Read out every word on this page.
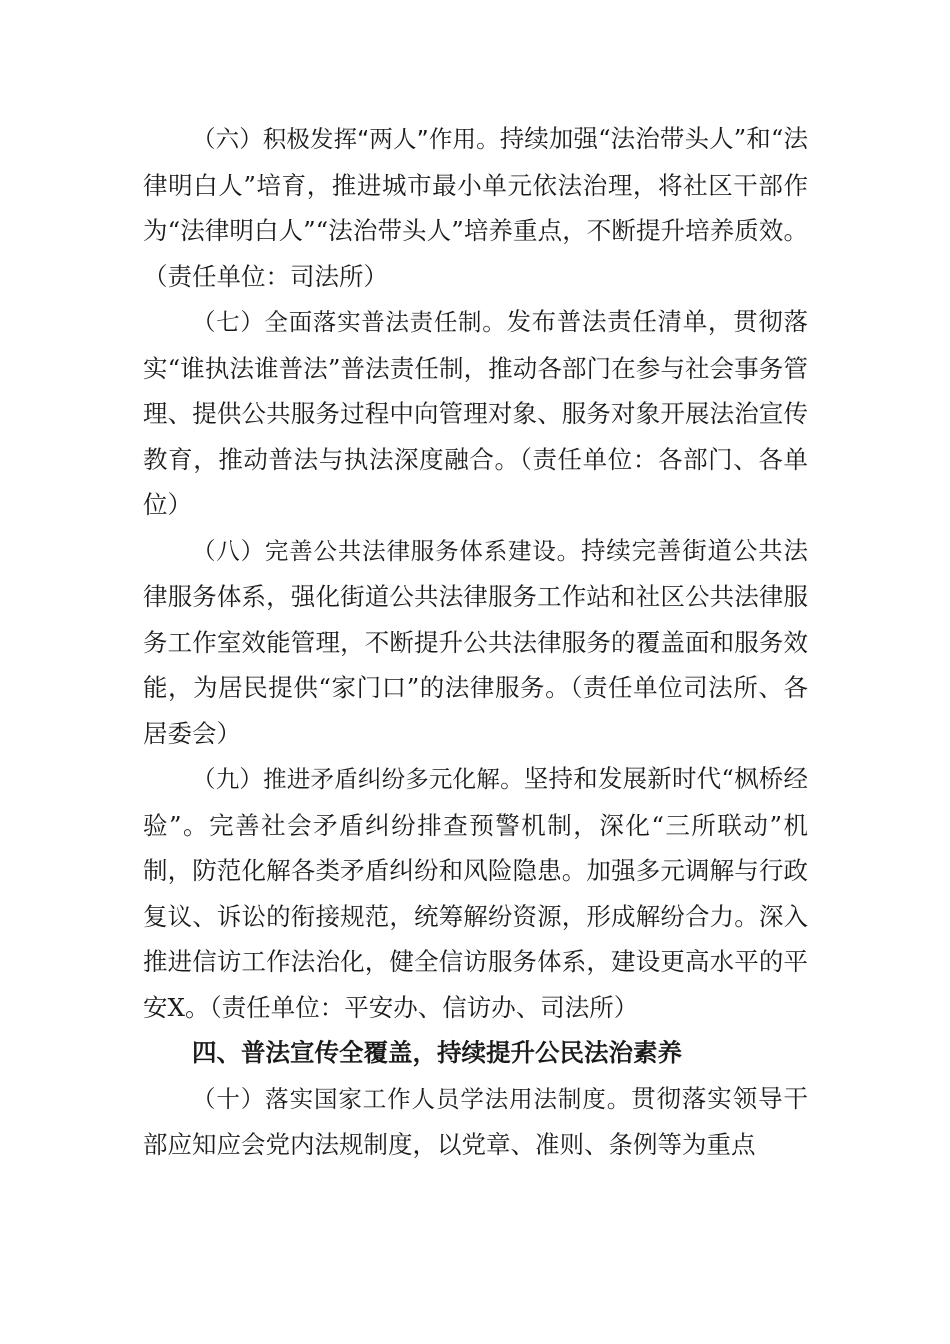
（六）积极发挥“两人”作用。持续加强“法治带头人”和“法律明白人”培育，推进城市最小单元依法治理，将社区干部作为“法律明白人”“法治带头人”培养重点，不断提升培养质效。（责任单位：司法所）

（七）全面落实普法责任制。发布普法责任清单，贯彻落实“谁执法谁普法”普法责任制，推动各部门在参与社会事务管理、提供公共服务过程中向管理对象、服务对象开展法治宣传教育，推动普法与执法深度融合。（责任单位：各部门、各单位）

（八）完善公共法律服务体系建设。持续完善街道公共法律服务体系，强化街道公共法律服务工作站和社区公共法律服务工作室效能管理，不断提升公共法律服务的覆盖面和服务效能，为居民提供“家门口”的法律服务。（责任单位司法所、各居委会）

（九）推进矛盾纠纷多元化解。坚持和发展新时代“枫桥经验”。完善社会矛盾纠纷排查预警机制，深化“三所联动”机制，防范化解各类矛盾纠纷和风险隐患。加强多元调解与行政复议、诉讼的衔接规范，统筹解纷资源，形成解纷合力。深入推进信访工作法治化，健全信访服务体系，建设更高水平的平安X。（责任单位：平安办、信访办、司法所）

四、普法宣传全覆盖，持续提升公民法治素养

（十）落实国家工作人员学法用法制度。贯彻落实领导干部应知应会党内法规制度，以党章、准则、条例等为重点
